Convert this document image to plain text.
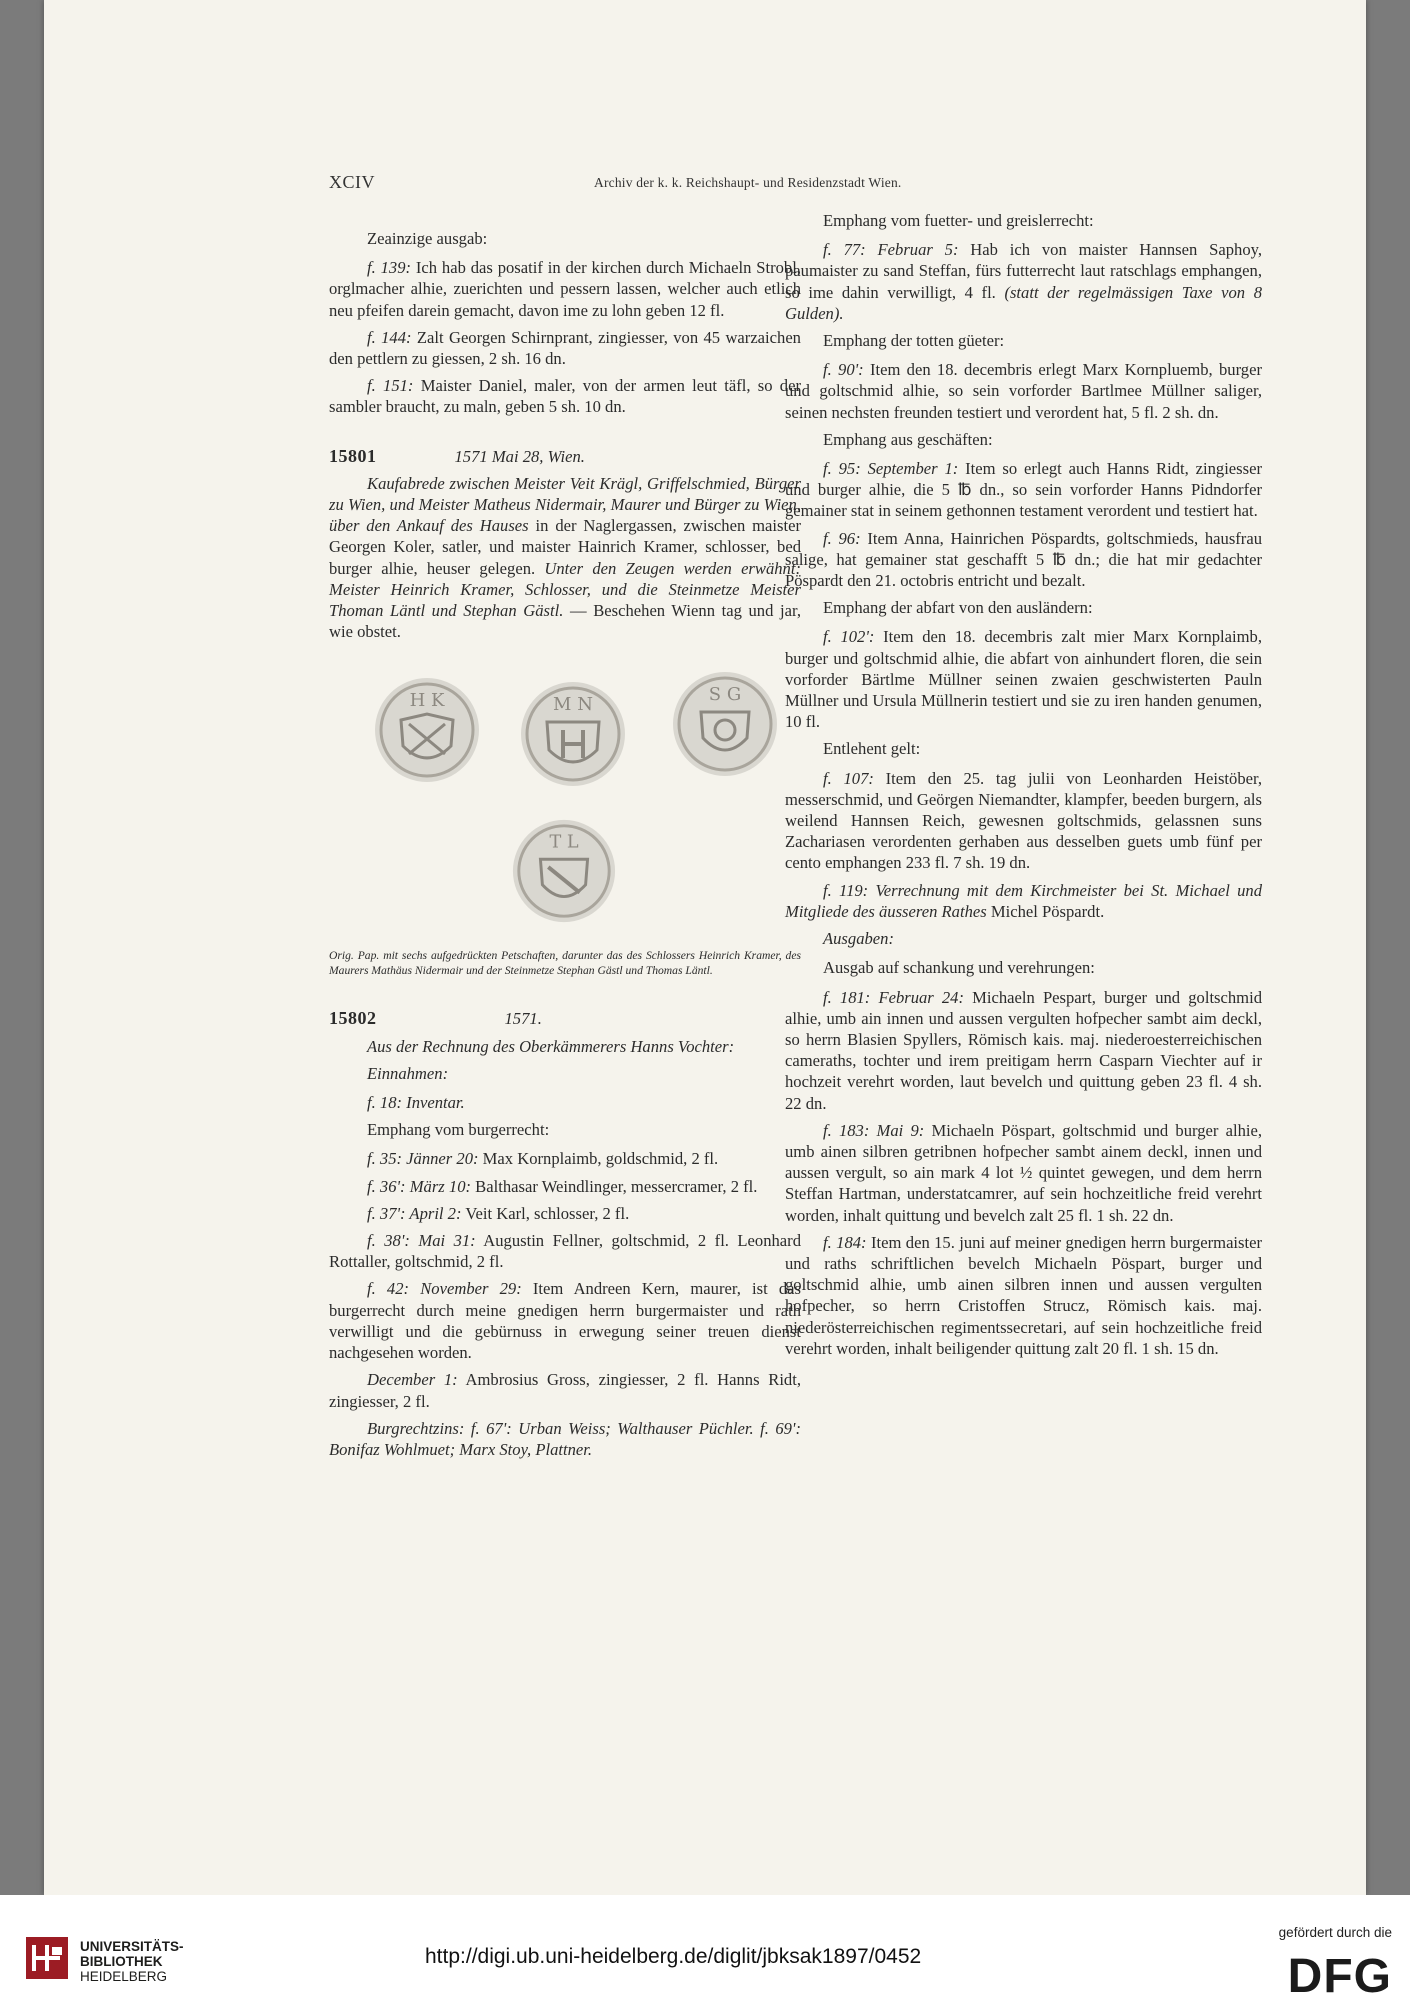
XCIV	Archiv der k. k. Reichshaupt- und Residenzstadt Wien.

Zeainzige ausgab:

f. 139: Ich hab das posatif in der kirchen durch Michaeln Strobl, orglmacher alhie, zuerichten und pessern lassen, welcher auch etlich neu pfeifen darein gemacht, davon ime zu lohn geben 12 fl.

f. 144: Zalt Georgen Schirnprant, zingiesser, von 45 warzaichen den pettlern zu giessen, 2 sh. 16 dn.

f. 151: Maister Daniel, maler, von der armen leut täfl, so der sambler braucht, zu maln, geben 5 sh. 10 dn.

15801	1571 Mai 28, Wien.

Kaufabrede zwischen Meister Veit Krägl, Griffelschmied, Bürger zu Wien, und Meister Matheus Nidermair, Maurer und Bürger zu Wien, über den Ankauf des Hauses in der Naglergassen, zwischen maister Georgen Koler, satler, und maister Hainrich Kramer, schlosser, bed burger alhie, heuser gelegen. Unter den Zeugen werden erwähnt: Meister Heinrich Kramer, Schlosser, und die Steinmetze Meister Thoman Läntl und Stephan Gästl. — Beschehen Wienn tag und jar, wie obstet.

H K	M N	S G
T L

Orig. Pap. mit sechs aufgedrückten Petschaften, darunter das des Schlossers Heinrich Kramer, des Maurers Mathäus Nidermair und der Steinmetze Stephan Gästl und Thomas Läntl.

15802	1571.

Aus der Rechnung des Oberkämmerers Hanns Vochter:

Einnahmen:

f. 18: Inventar.

Emphang vom burgerrecht:

f. 35: Jänner 20: Max Kornplaimb, goldschmid, 2 fl.

f. 36': März 10: Balthasar Weindlinger, messercramer, 2 fl.

f. 37': April 2: Veit Karl, schlosser, 2 fl.

f. 38': Mai 31: Augustin Fellner, goltschmid, 2 fl. Leonhard Rottaller, goltschmid, 2 fl.

f. 42: November 29: Item Andreen Kern, maurer, ist das burgerrecht durch meine gnedigen herrn burgermaister und rath verwilligt und die gebürnuss in erwegung seiner treuen dienst nachgesehen worden.

December 1: Ambrosius Gross, zingiesser, 2 fl. Hanns Ridt, zingiesser, 2 fl.

Burgrechtzins: f. 67': Urban Weiss; Walthauser Püchler. f. 69': Bonifaz Wohlmuet; Marx Stoy, Plattner.

Emphang vom fuetter- und greislerrecht:

f. 77: Februar 5: Hab ich von maister Hannsen Saphoy, paumaister zu sand Steffan, fürs futterrecht laut ratschlags emphangen, so ime dahin verwilligt, 4 fl. (statt der regelmässigen Taxe von 8 Gulden).

Emphang der totten güeter:

f. 90': Item den 18. decembris erlegt Marx Kornpluemb, burger und goltschmid alhie, so sein vorforder Bartlmee Müllner saliger, seinen nechsten freunden testiert und verordent hat, 5 fl. 2 sh. dn.

Emphang aus geschäften:

f. 95: September 1: Item so erlegt auch Hanns Ridt, zingiesser und burger alhie, die 5 ℔ dn., so sein vorforder Hanns Pidndorfer gemainer stat in seinem gethonnen testament verordent und testiert hat.

f. 96: Item Anna, Hainrichen Pöspardts, goltschmieds, hausfrau salige, hat gemainer stat geschafft 5 ℔ dn.; die hat mir gedachter Pöspardt den 21. octobris entricht und bezalt.

Emphang der abfart von den ausländern:

f. 102': Item den 18. decembris zalt mier Marx Kornplaimb, burger und goltschmid alhie, die abfart von ainhundert floren, die sein vorforder Bärtlme Müllner seinen zwaien geschwisterten Pauln Müllner und Ursula Müllnerin testiert und sie zu iren handen genumen, 10 fl.

Entlehent gelt:

f. 107: Item den 25. tag julii von Leonharden Heistöber, messerschmid, und Geörgen Niemandter, klampfer, beeden burgern, als weilend Hannsen Reich, gewesnen goltschmids, gelassnen suns Zachariasen verordenten gerhaben aus desselben guets umb fünf per cento emphangen 233 fl. 7 sh. 19 dn.

f. 119: Verrechnung mit dem Kirchmeister bei St. Michael und Mitgliede des äusseren Rathes Michel Pöspardt.

Ausgaben:

Ausgab auf schankung und verehrungen:

f. 181: Februar 24: Michaeln Pespart, burger und goltschmid alhie, umb ain innen und aussen vergulten hofpecher sambt aim deckl, so herrn Blasien Spyllers, Römisch kais. maj. niederoesterreichischen cameraths, tochter und irem preitigam herrn Casparn Viechter auf ir hochzeit verehrt worden, laut bevelch und quittung geben 23 fl. 4 sh. 22 dn.

f. 183: Mai 9: Michaeln Pöspart, goltschmid und burger alhie, umb ainen silbren getribnen hofpecher sambt ainem deckl, innen und aussen vergult, so ain mark 4 lot ½ quintet gewegen, und dem herrn Steffan Hartman, understatcamrer, auf sein hochzeitliche freid verehrt worden, inhalt quittung und bevelch zalt 25 fl. 1 sh. 22 dn.

f. 184: Item den 15. juni auf meiner gnedigen herrn burgermaister und raths schriftlichen bevelch Michaeln Pöspart, burger und goltschmid alhie, umb ainen silbren innen und aussen vergulten hofpecher, so herrn Cristoffen Strucz, Römisch kais. maj. niederösterreichischen regimentssecretari, auf sein hochzeitliche freid verehrt worden, inhalt beiligender quittung zalt 20 fl. 1 sh. 15 dn.

UNIVERSITÄTS-
BIBLIOTHEK
HEIDELBERG
http://digi.ub.uni-heidelberg.de/diglit/jbksak1897/0452
gefördert durch die
DFG
